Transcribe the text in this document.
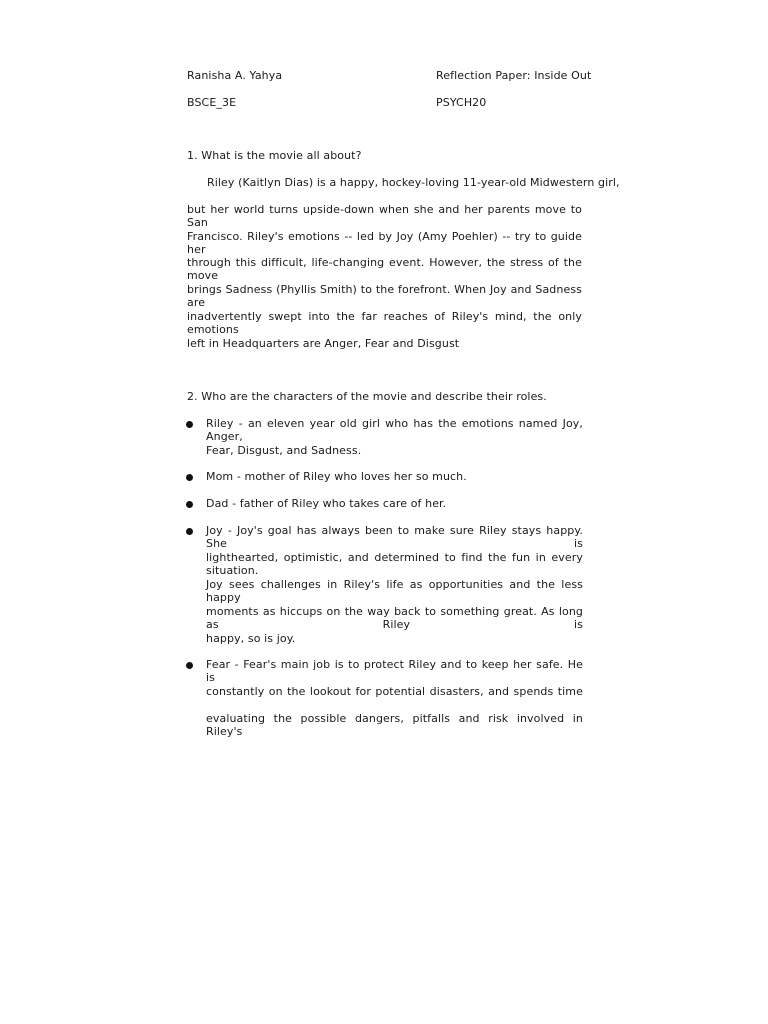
Ranisha A. Yahya	Reflection Paper: Inside Out
BSCE_3E	PSYCH20
1. What is the movie all about?
Riley (Kaitlyn Dias) is a happy, hockey-loving 11-year-old Midwestern girl,
but her world turns upside-down when she and her parents move to San
Francisco. Riley's emotions -- led by Joy (Amy Poehler) -- try to guide her
through this difficult, life-changing event. However, the stress of the move
brings Sadness (Phyllis Smith) to the forefront. When Joy and Sadness are
inadvertently swept into the far reaches of Riley's mind, the only emotions
left in Headquarters are Anger, Fear and Disgust
2. Who are the characters of the movie and describe their roles.
Riley - an eleven year old girl who has the emotions named Joy, Anger,
Fear, Disgust, and Sadness.
Mom - mother of Riley who loves her so much.
Dad - father of Riley who takes care of her.
Joy - Joy's goal has always been to make sure Riley stays happy. She is
lighthearted, optimistic, and determined to find the fun in every situation.
Joy sees challenges in Riley's life as opportunities and the less happy
moments as hiccups on the way back to something great. As long as Riley is
happy, so is joy.
Fear - Fear's main job is to protect Riley and to keep her safe. He is
constantly on the lookout for potential disasters, and spends time
evaluating the possible dangers, pitfalls and risk involved in Riley's
